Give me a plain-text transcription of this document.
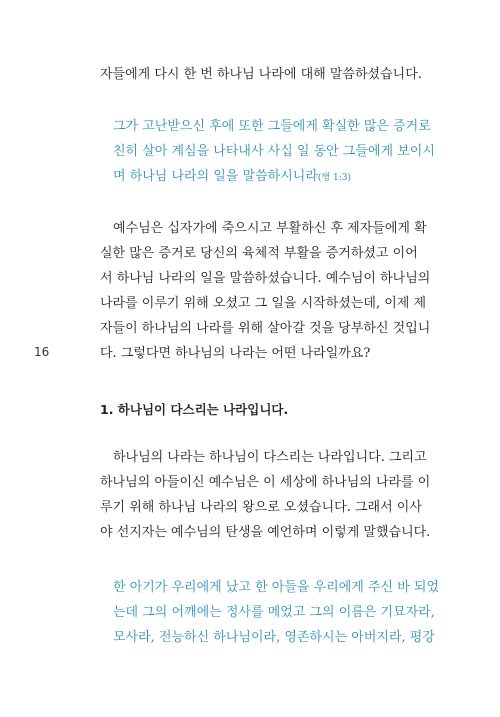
자들에게 다시 한 번 하나님 나라에 대해 말씀하셨습니다.
그가 고난받으신 후에 또한 그들에게 확실한 많은 증거로
친히 살아 계심을 나타내사 사십 일 동안 그들에게 보이시
며 하나님 나라의 일을 말씀하시니라(행 1:3)
예수님은 십자가에 죽으시고 부활하신 후 제자들에게 확
실한 많은 증거로 당신의 육체적 부활을 증거하셨고 이어
서 하나님 나라의 일을 말씀하셨습니다. 예수님이 하나님의
나라를 이루기 위해 오셨고 그 일을 시작하셨는데, 이제 제
자들이 하나님의 나라를 위해 살아갈 것을 당부하신 것입니
다. 그렇다면 하나님의 나라는 어떤 나라일까요?
16
1. 하나님이 다스리는 나라입니다.
하나님의 나라는 하나님이 다스리는 나라입니다. 그리고
하나님의 아들이신 예수님은 이 세상에 하나님의 나라를 이
루기 위해 하나님 나라의 왕으로 오셨습니다. 그래서 이사
야 선지자는 예수님의 탄생을 예언하며 이렇게 말했습니다.
한 아기가 우리에게 났고 한 아들을 우리에게 주신 바 되었
는데 그의 어깨에는 정사를 메었고 그의 이름은 기묘자라,
모사라, 전능하신 하나님이라, 영존하시는 아버지라, 평강
